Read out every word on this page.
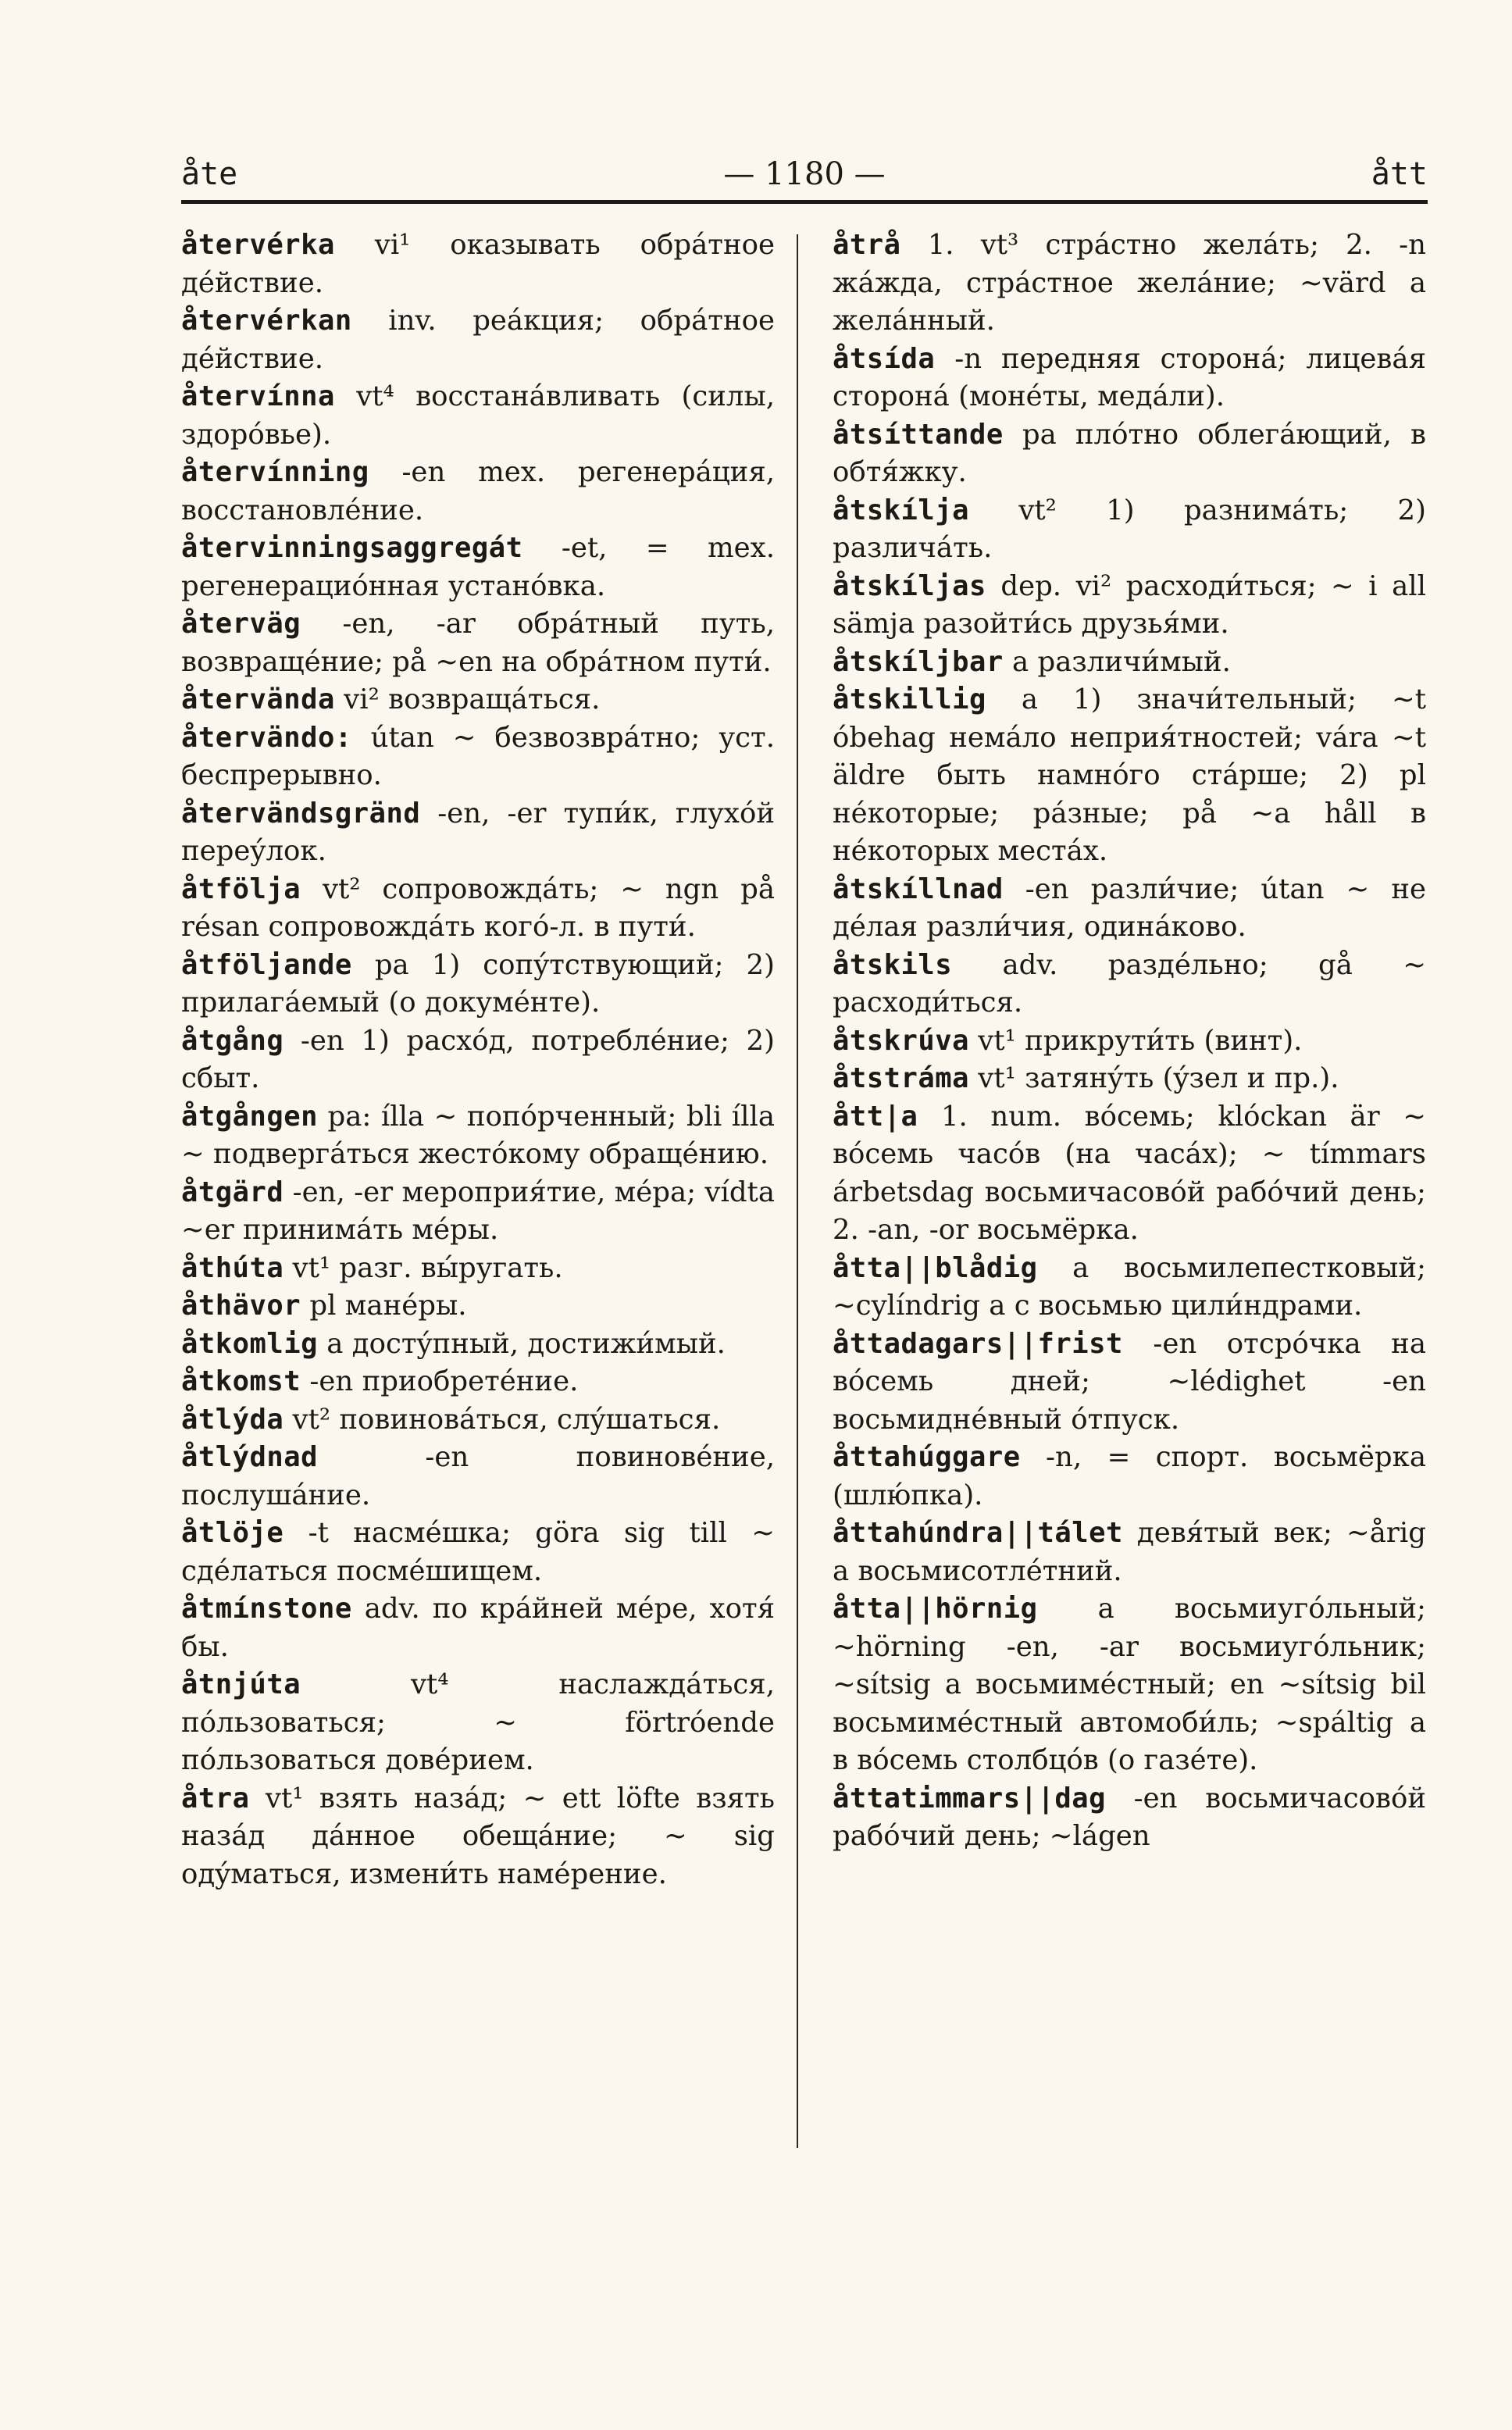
åte	— 1180 —	ått

återvérka vi¹ оказывать обрáтное дéйствие.

återvérkan inv. реáкция; обрáтное дéйствие.

återvínna vt⁴ восстанáвливать (силы, здорóвье).

återvínning -en mex. регенерáция, восстановлéние.

återvinningsaggregát -et, = mex. регенерациóнная устанóвка.

återväg -en, -ar обрáтный путь, возвращéние; på ~en на обрáтном пути́.

återvända vi² возвращáться.

återvändo: útan ~ безвозврáтно; уст. беспрерывно.

återvändsgränd -en, -er тупи́к, глухóй переýлок.

åtfölja vt² сопровождáть; ~ ngn på résan сопровождáть когó-л. в пути́.

åtföljande pa 1) сопýтствующий; 2) прилагáемый (о докумéнте).

åtgång -en 1) расхóд, потреблéние; 2) сбыт.

åtgången pa: ílla ~ попóрченный; bli ílla ~ подвергáться жестóкому обращéнию.

åtgärd -en, -er мероприя́тие, мéра; vídta ~er принимáть мéры.

åthúta vt¹ разг. вы́ругать.

åthävor pl манéры.

åtkomlig a достýпный, достижи́мый.

åtkomst -en приобретéние.

åtlýda vt² повиновáться, слýшаться.

åtlýdnad	-en повиновéние, послушáние.

åtlöje -t насмéшка; göra sig till ~ сдéлаться посмéшищем.

åtmínstone adv. по крáйней мéре, хотя́ бы.

åtnjúta	vt⁴ наслаждáться, пóльзоваться; ~ förtróende пóльзоваться довéрием.

åtra vt¹ взять назáд; ~ ett löfte взять назáд дáнное обещáние; ~ sig одýматься, измени́ть намéрение.

åtrå 1. vt³ стрáстно желáть; 2. -n жáжда, стрáстное желáние; ~värd a желáнный.

åtsída -n передняя сторонá; лицевáя сторонá (монéты, медáли).

åtsíttande pa плóтно облегáющий, в обтя́жку.

åtskílja vt² 1) разнимáть; 2) различáть.

åtskíljas dep. vi² расходи́ться; ~ i all sämja разойти́сь друзья́ми.

åtskíljbar a различи́мый.

åtskillig a 1) значи́тельный; ~t óbehag немáло неприя́тностей; vára ~t äldre быть намнóго стáрше; 2) pl нéкоторые; рáзные; på ~a håll в нéкоторых местáх.

åtskíllnad -en разли́чие; útan ~ не дéлая разли́чия, одинáково.

åtskils adv. раздéльно; gå ~ расходи́ться.

åtskrúva vt¹ прикрути́ть (винт).

åtstráma vt¹ затянýть (ýзел и пр.).

ått|a 1. num. вóсемь; klóckan är ~ вóсемь часóв (на часáх); ~ tímmars árbetsdag восьмичасовóй рабóчий день; 2. -an, -or восьмёрка.

åtta||blådig a восьмилепестковый; ~cylíndrig a с восьмью цили́ндрами.

åttadagars||frist -en отсрóчка на вóсемь дней; ~lédighet -en восьмиднéвный óтпуск.

åttahúggare -n, = спорт. восьмёрка (шлю́пка).

åttahúndra||tálet девя́тый век; ~årig a восьмисотлéтний.

åtta||hörnig a восьмиугóльный; ~hörning -en, -ar восьмиугóльник; ~sítsig a восьмимéстный; en ~sítsig bil восьмимéстный автомоби́ль; ~spáltig a в вóсемь столбцóв (о газéте).

åttatimmars||dag -en восьмичасовóй рабóчий день; ~lágen
